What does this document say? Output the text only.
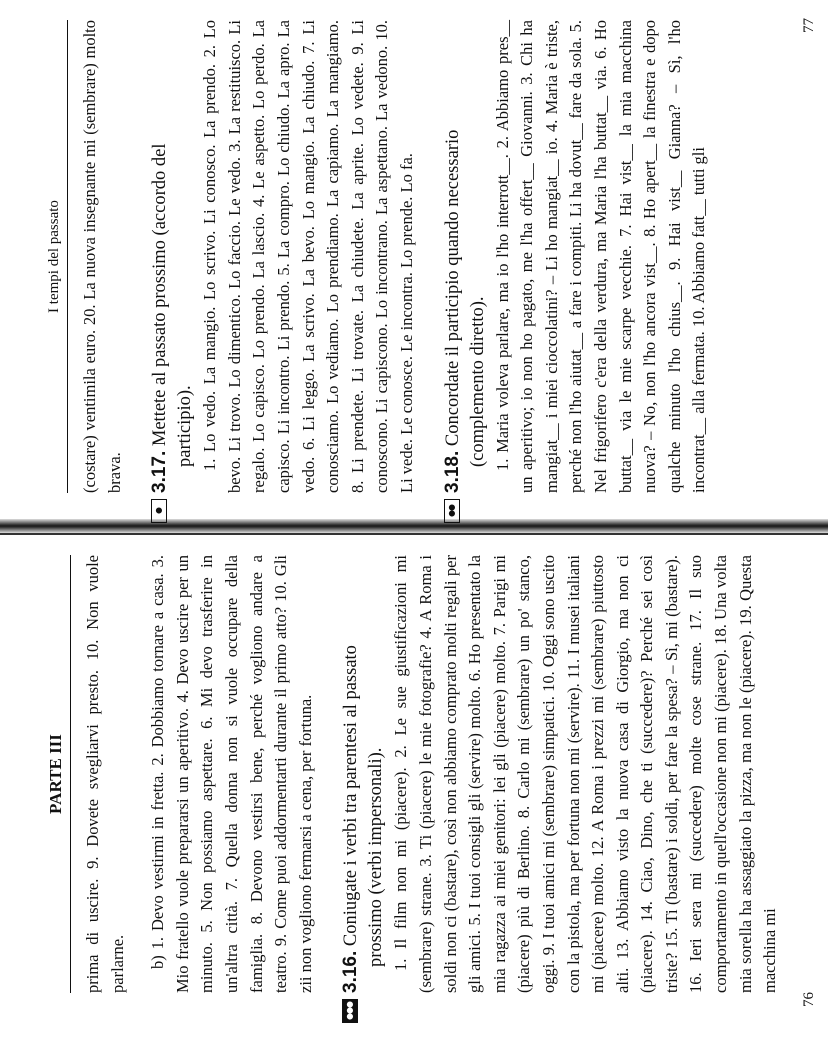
PARTE III	prima di uscire. 9. Dovete svegliarvi presto. 10. Non vuole parlarne. b) 1. Devo vestirmi in fretta. 2. Dobbiamo tornare a casa. 3. Mio fratello vuole prepararsi un aperitivo. 4. Devo uscire per un minuto. 5. Non possiamo aspettare. 6. Mi devo trasferire in un'altra città. 7. Quella donna non si vuole occupare della famiglia. 8. Devono vestirsi bene, perché vogliono andare a teatro. 9. Come puoi addormentarti durante il primo atto? 10. Gli zii non vogliono fermarsi a cena, per fortuna.

●●●
3.16. Coniugate i verbi tra parentesi al passato prossimo (verbi impersonali). 1. Il film non mi (piacere). 2. Le sue giustificazioni mi (sembrare) strane. 3. Ti (piacere) le mie fotografie? 4. A Roma i soldi non ci (bastare), così non abbiamo comprato molti regali per gli amici. 5. I tuoi consigli gli (servire) molto. 6. Ho presentato la mia ragazza ai miei genitori: lei gli (piacere) molto. 7. Parigi mi (piacere) più di Berlino. 8. Carlo mi (sembrare) un po' stanco, oggi. 9. I tuoi amici mi (sembrare) simpatici. 10. Oggi sono uscito con la pistola, ma per fortuna non mi (servire). 11. I musei italiani mi (piacere) molto. 12. A Roma i prezzi mi (sembrare) piuttosto alti. 13. Abbiamo visto la nuova casa di Giorgio, ma non ci (piacere). 14. Ciao, Dino, che ti (succedere)? Perché sei così triste? 15. Ti (bastare) i soldi, per fare la spesa? – Sì, mi (bastare). 16. Ieri sera mi (succedere) molte cose strane. 17. Il suo comportamento in quell'occasione non mi (piacere). 18. Una volta mia sorella ha assaggiato la pizza, ma non le (piacere). 19. Questa macchina mi

76
I tempi del passato	(costare) ventimila euro. 20. La nuova insegnante mi (sembrare) molto brava.

●
3.17. Mettete al passato prossimo (accordo del participio). 1. Lo vedo. La mangio. Lo scrivo. Li conosco. La prendo. 2. Lo bevo. Li trovo. Lo dimentico. Lo faccio. Le vedo. 3. La restituisco. Li regalo. Lo capisco. Lo prendo. La lascio. 4. Le aspetto. Lo perdo. La capisco. Li incontro. Li prendo. 5. La compro. Lo chiudo. La apro. La vedo. 6. Li leggo. La scrivo. La bevo. Lo mangio. La chiudo. 7. Li conosciamo. Lo vediamo. Lo prendiamo. La capiamo. La mangiamo. 8. Li prendete. Li trovate. La chiudete. La aprite. Lo vedete. 9. Li conoscono. Li capiscono. Lo incontrano. La aspettano. La vedono. 10. Li vede. Le conosce. Le incontra. Lo prende. Lo fa.

●●
3.18. Concordate il participio quando necessario (complemento diretto). 1. Maria voleva parlare, ma io l'ho interrott__. 2. Abbiamo pres__ un aperitivo; io non ho pagato, me l'ha offert__ Giovanni. 3. Chi ha mangiat__ i miei cioccolatini? – Li ho mangiat__ io. 4. Maria è triste, perché non l'ho aiutat__ a fare i compiti. Li ha dovut__ fare da sola. 5. Nel frigorifero c'era della verdura, ma Maria l'ha buttat__ via. 6. Ho buttat__ via le mie scarpe vecchie. 7. Hai vist__ la mia macchina nuova? – No, non l'ho ancora vist__. 8. Ho apert__ la finestra e dopo qualche minuto l'ho chius__. 9. Hai vist__ Gianna? – Sì, l'ho incontrat__ alla fermata. 10. Abbiamo fatt__ tutti gli

77
